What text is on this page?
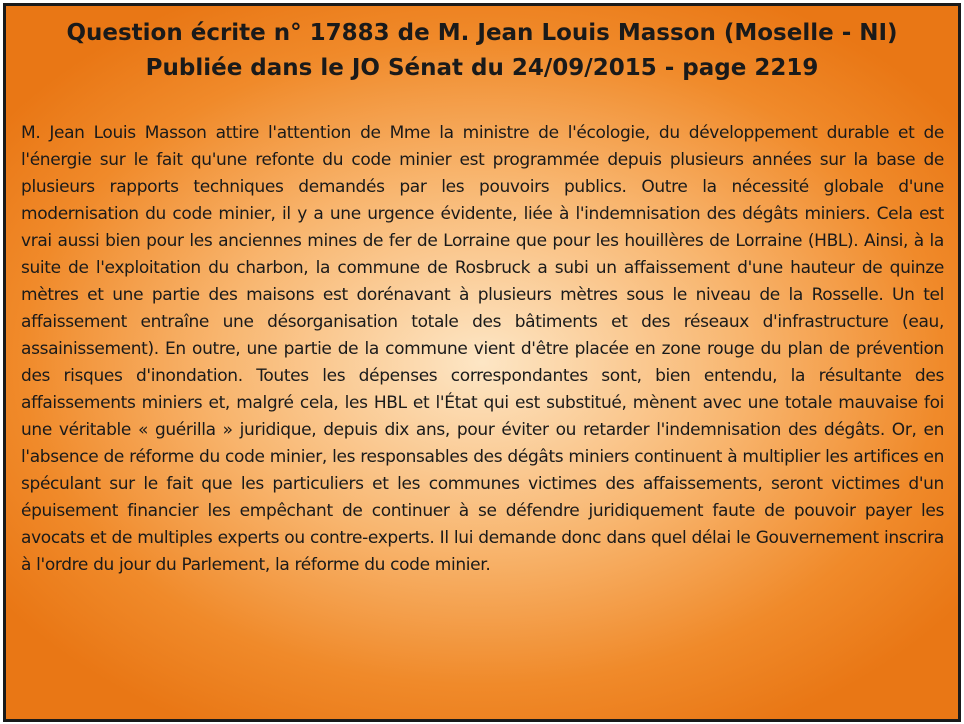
Question écrite n° 17883 de M. Jean Louis Masson (Moselle - NI)
Publiée dans le JO Sénat du 24/09/2015 - page 2219
M. Jean Louis Masson attire l'attention de Mme la ministre de l'écologie, du développement durable et de l'énergie sur le fait qu'une refonte du code minier est programmée depuis plusieurs années sur la base de plusieurs rapports techniques demandés par les pouvoirs publics. Outre la nécessité globale d'une modernisation du code minier, il y a une urgence évidente, liée à l'indemnisation des dégâts miniers. Cela est vrai aussi bien pour les anciennes mines de fer de Lorraine que pour les houillères de Lorraine (HBL). Ainsi, à la suite de l'exploitation du charbon, la commune de Rosbruck a subi un affaissement d'une hauteur de quinze mètres et une partie des maisons est dorénavant à plusieurs mètres sous le niveau de la Rosselle. Un tel affaissement entraîne une désorganisation totale des bâtiments et des réseaux d'infrastructure (eau, assainissement). En outre, une partie de la commune vient d'être placée en zone rouge du plan de prévention des risques d'inondation. Toutes les dépenses correspondantes sont, bien entendu, la résultante des affaissements miniers et, malgré cela, les HBL et l'État qui est substitué, mènent avec une totale mauvaise foi une véritable « guérilla » juridique, depuis dix ans, pour éviter ou retarder l'indemnisation des dégâts. Or, en l'absence de réforme du code minier, les responsables des dégâts miniers continuent à multiplier les artifices en spéculant sur le fait que les particuliers et les communes victimes des affaissements, seront victimes d'un épuisement financier les empêchant de continuer à se défendre juridiquement faute de pouvoir payer les avocats et de multiples experts ou contre-experts. Il lui demande donc dans quel délai le Gouvernement inscrira à l'ordre du jour du Parlement, la réforme du code minier.
